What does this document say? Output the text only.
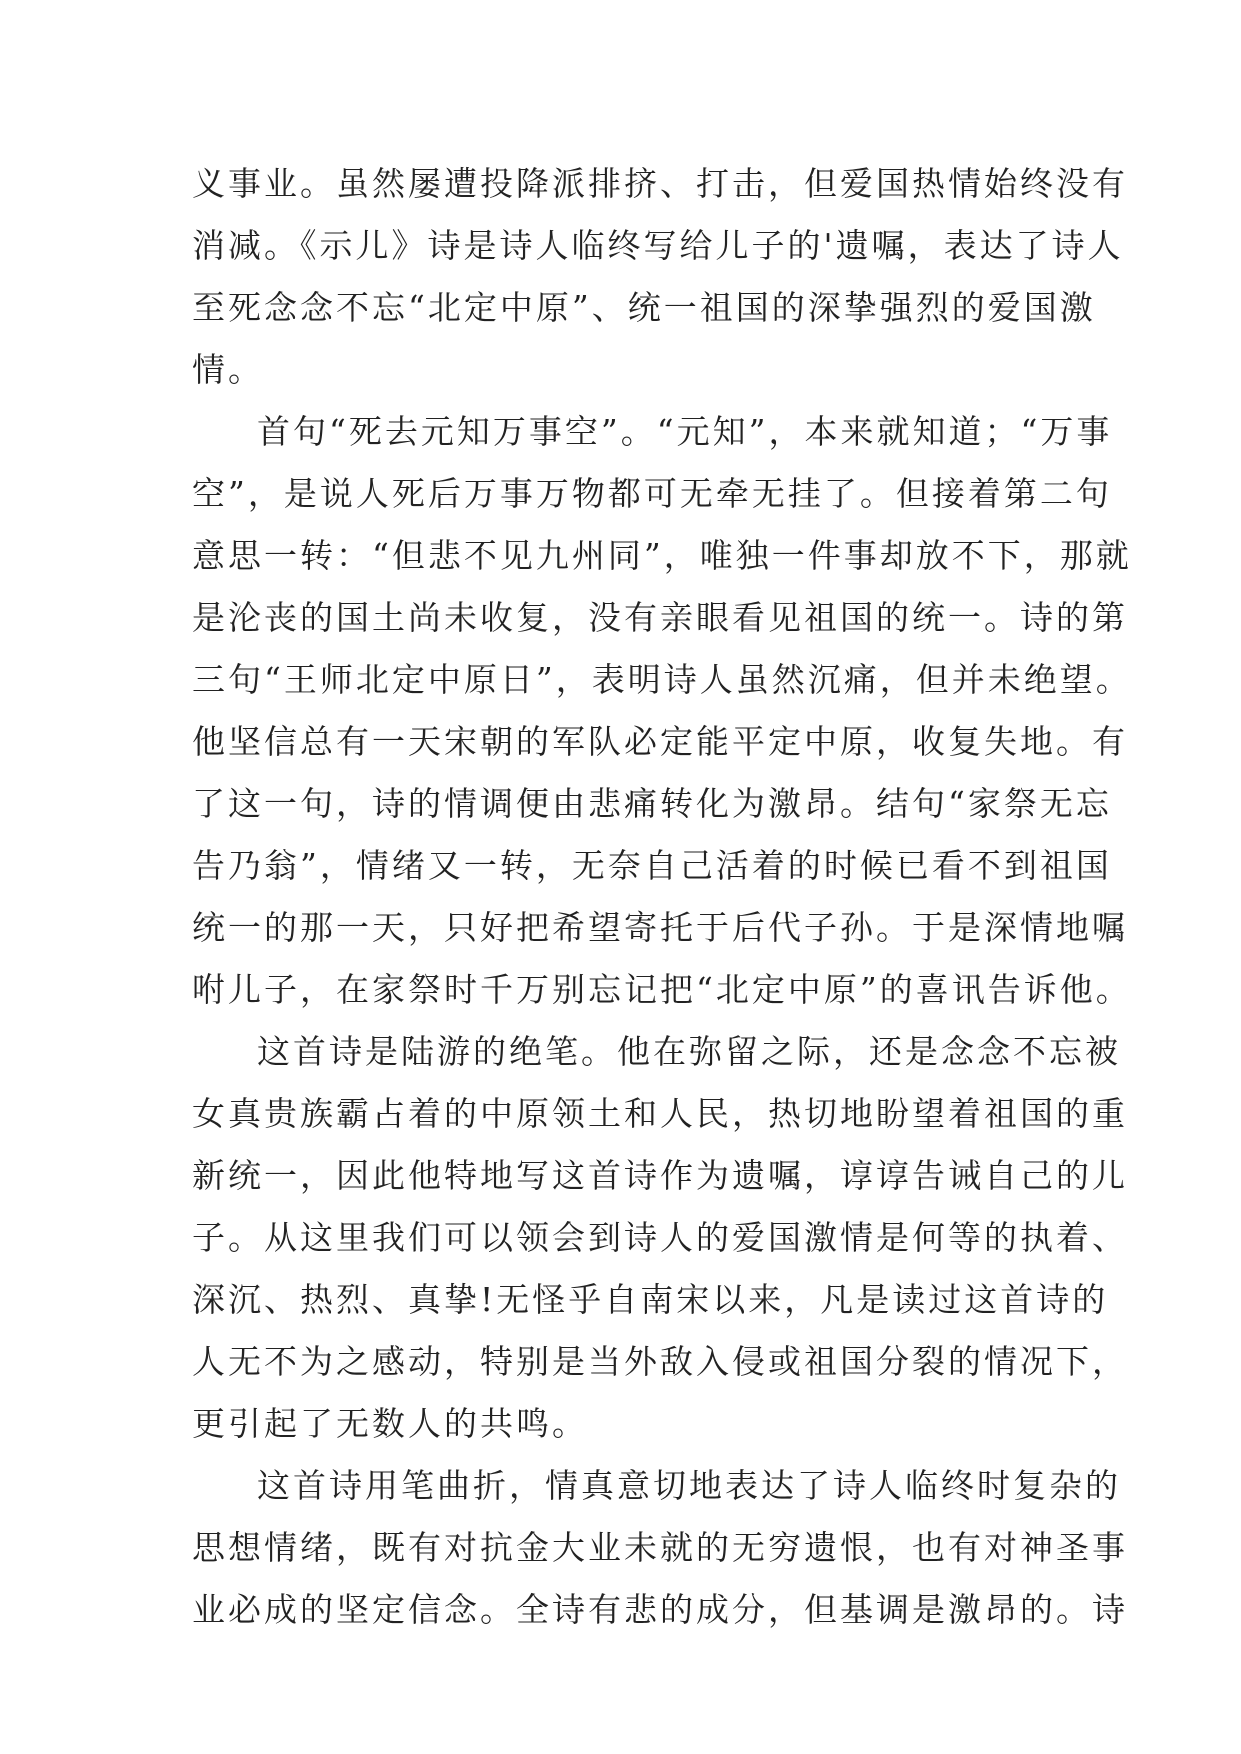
义事业。虽然屡遭投降派排挤、打击，但爱国热情始终没有
消减。《示儿》诗是诗人临终写给儿子的'遗嘱，表达了诗人
至死念念不忘“北定中原”、统一祖国的深挚强烈的爱国激
情。
首句“死去元知万事空”。“元知”，本来就知道；“万事
空”，是说人死后万事万物都可无牵无挂了。但接着第二句
意思一转：“但悲不见九州同”，唯独一件事却放不下，那就
是沦丧的国土尚未收复，没有亲眼看见祖国的统一。诗的第
三句“王师北定中原日”，表明诗人虽然沉痛，但并未绝望。
他坚信总有一天宋朝的军队必定能平定中原，收复失地。有
了这一句，诗的情调便由悲痛转化为激昂。结句“家祭无忘
告乃翁”，情绪又一转，无奈自己活着的时候已看不到祖国
统一的那一天，只好把希望寄托于后代子孙。于是深情地嘱
咐儿子，在家祭时千万别忘记把“北定中原”的喜讯告诉他。
这首诗是陆游的绝笔。他在弥留之际，还是念念不忘被
女真贵族霸占着的中原领土和人民，热切地盼望着祖国的重
新统一，因此他特地写这首诗作为遗嘱，谆谆告诫自己的儿
子。从这里我们可以领会到诗人的爱国激情是何等的执着、
深沉、热烈、真挚!无怪乎自南宋以来，凡是读过这首诗的
人无不为之感动，特别是当外敌入侵或祖国分裂的情况下，
更引起了无数人的共鸣。
这首诗用笔曲折，情真意切地表达了诗人临终时复杂的
思想情绪，既有对抗金大业未就的无穷遗恨，也有对神圣事
业必成的坚定信念。全诗有悲的成分，但基调是激昂的。诗
